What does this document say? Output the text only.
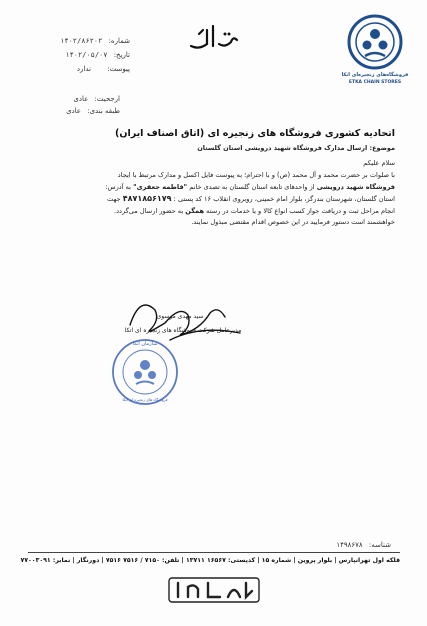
فروشگاه‌های زنجیره‌ای اتکا
ETKA CHAIN STORES
شماره: ۱۴۰۲/۸۶۲۰۲
تاریخ: ۱۴۰۲/۰۵/۰۷
پیوست: ندارد
ارجحیت: عادی
طبقه بندی: عادی
اتحادیه کشوری فروشگاه های زنجیره ای (اتاق اصناف ایران)
موضوع: ارسال مدارک فروشگاه شهید درویشی استان گلستان
سلام علیکم
با صلوات بر حضرت محمد و آل محمد (ص) و با احترام؛ به پیوست فایل اکسل و مدارک مرتبط با ایجاد
فروشگاه شهید درویشی از واحدهای تابعه استان گلستان به تصدی خانم "فاطمه جعفری" به آدرس:
استان گلستان، شهرستان بندرگز، بلوار امام خمینی، روبروی انقلاب ۱۶ کد پستی : ۴۸۷۱۸۵۶۱۷۹ جهت
انجام مراحل ثبت و دریافت جواز کسب انواع کالا و یا خدمات در رسته همگن به حضور ارسال می‌گردد.
خواهشمند است دستور فرمایید در این خصوص اقدام مقتضی مبذول نمایند.
سید مهدی موسوی
مدیرعامل شرکت فروشگاه های زنجیره ای اتکا
سازمان اتکا
فروشگاه های زنجیره ای اتکا
شناسه: ۱۴۹۸۶۷۸
قلکه اول تهرانپارس | بلوار پروین | شماره ۱۵ | کدپستی: ۱۶۵۶۷ ۱۳۷۱۱ | تلفن: ۷۱۵۰ / ۷۵۱۶ ۷۵۱۶ | دورنگار | نمابر: ۷۷۰۰۳۰۹۱
